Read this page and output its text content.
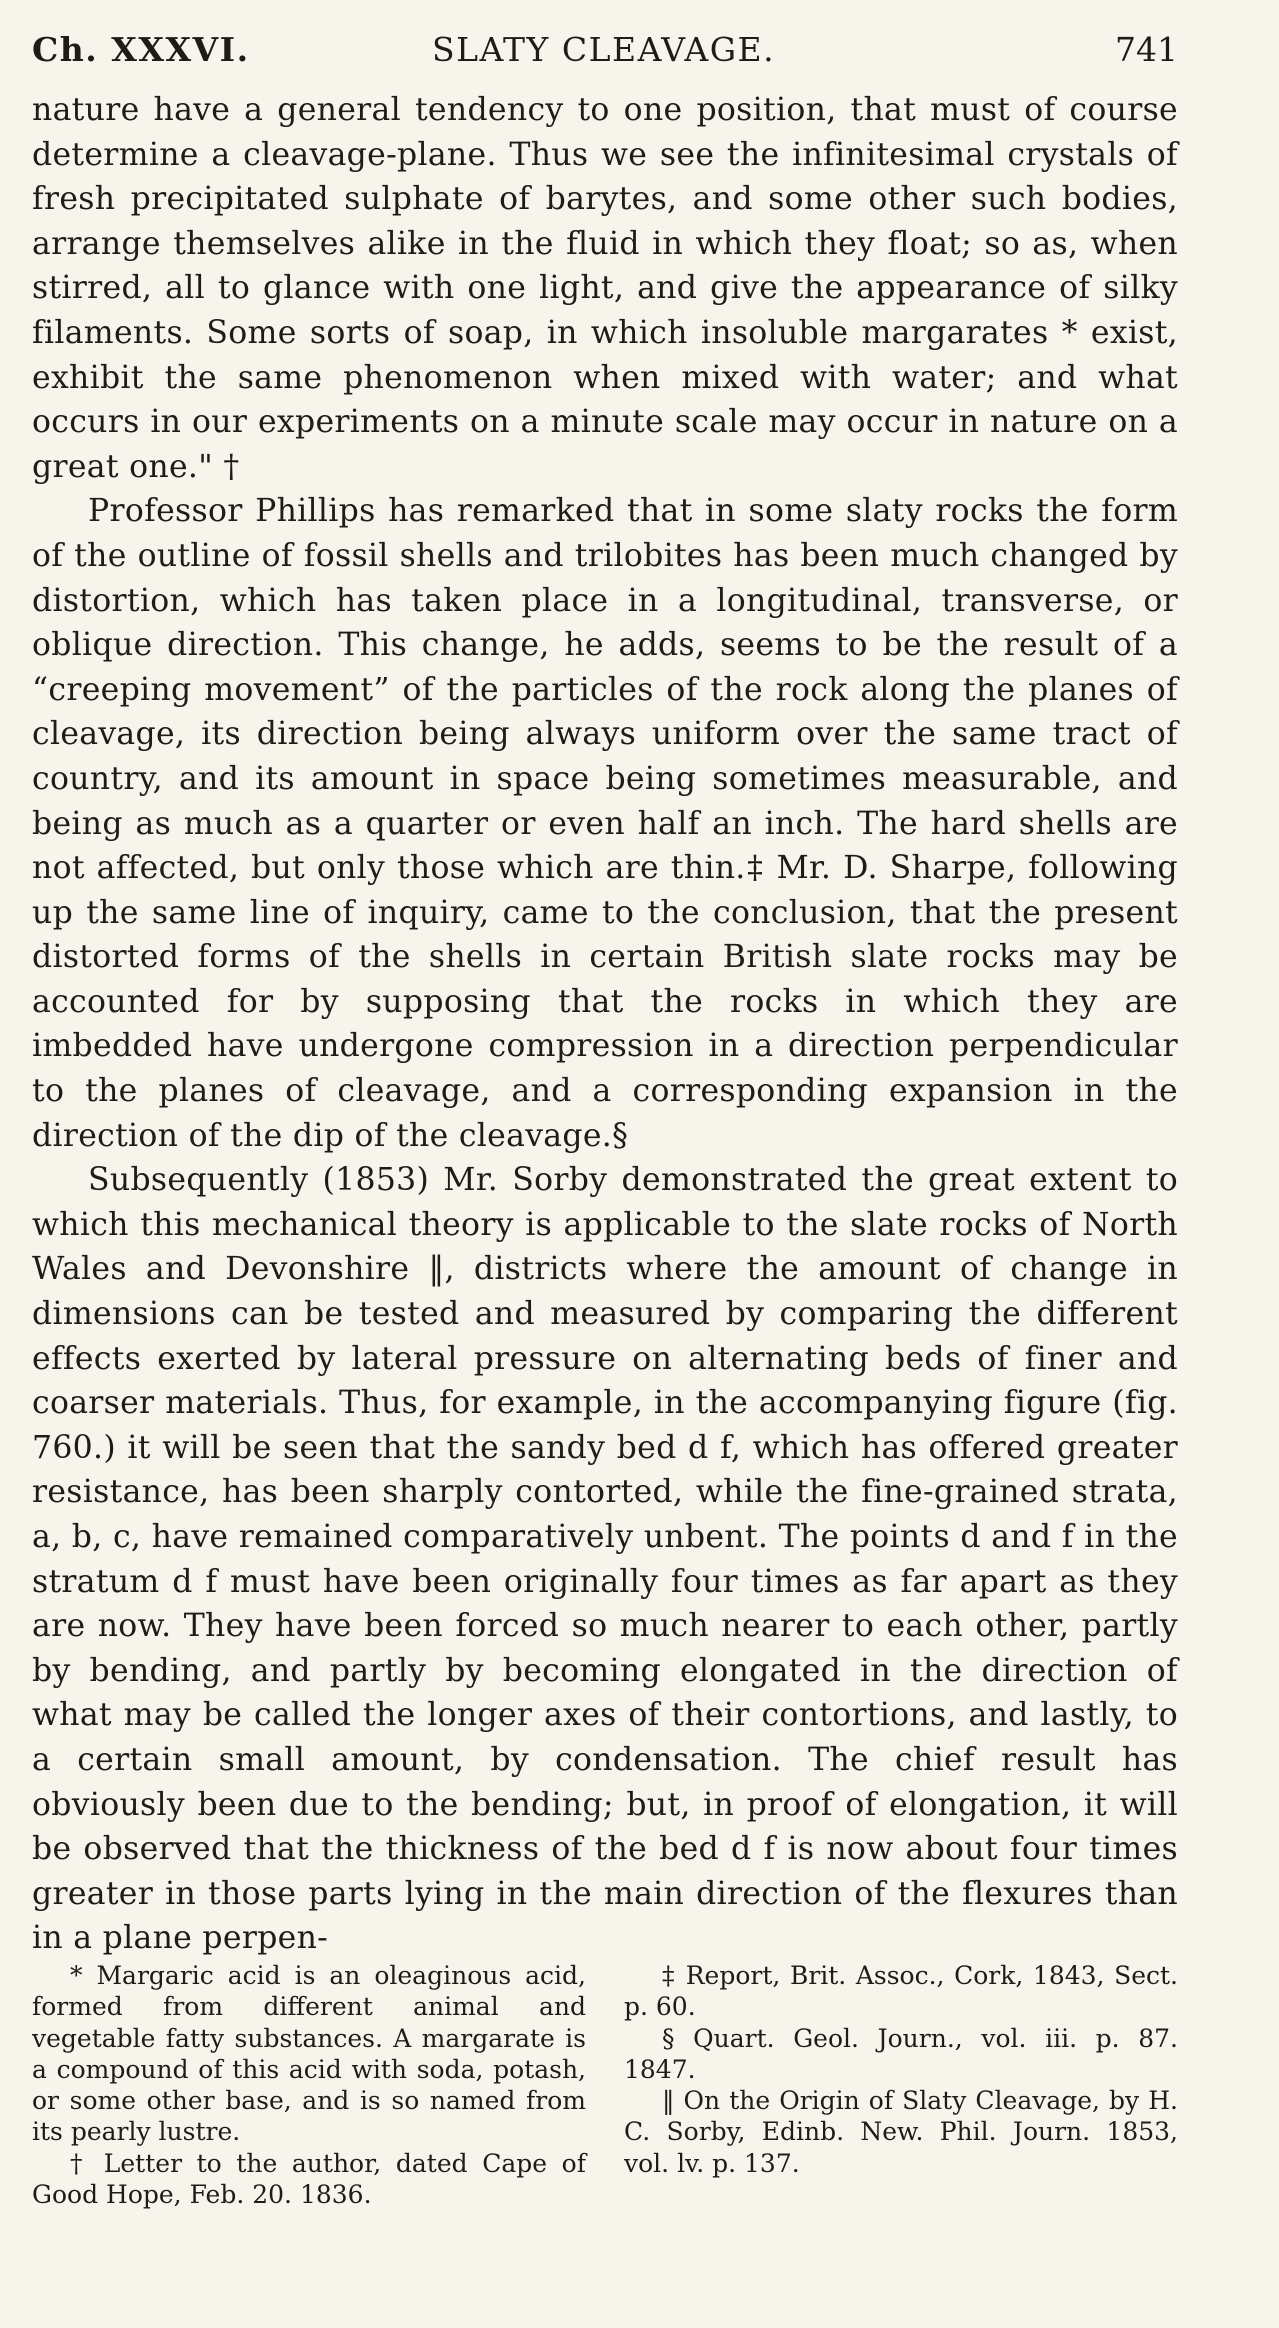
Ch. XXXVI.	SLATY CLEAVAGE.	741

nature have a general tendency to one position, that must of course determine a cleavage-plane. Thus we see the infinitesimal crystals of fresh precipitated sulphate of barytes, and some other such bodies, arrange themselves alike in the fluid in which they float; so as, when stirred, all to glance with one light, and give the appearance of silky filaments. Some sorts of soap, in which insoluble margarates * exist, exhibit the same phenomenon when mixed with water; and what occurs in our experiments on a minute scale may occur in nature on a great one." †

Professor Phillips has remarked that in some slaty rocks the form of the outline of fossil shells and trilobites has been much changed by distortion, which has taken place in a longitudinal, transverse, or oblique direction. This change, he adds, seems to be the result of a “creeping movement” of the particles of the rock along the planes of cleavage, its direction being always uniform over the same tract of country, and its amount in space being sometimes measurable, and being as much as a quarter or even half an inch. The hard shells are not affected, but only those which are thin.‡ Mr. D. Sharpe, following up the same line of inquiry, came to the conclusion, that the present distorted forms of the shells in certain British slate rocks may be accounted for by supposing that the rocks in which they are imbedded have undergone compression in a direction perpendicular to the planes of cleavage, and a corresponding expansion in the direction of the dip of the cleavage.§

Subsequently (1853) Mr. Sorby demonstrated the great extent to which this mechanical theory is applicable to the slate rocks of North Wales and Devonshire ‖, districts where the amount of change in dimensions can be tested and measured by comparing the different effects exerted by lateral pressure on alternating beds of finer and coarser materials. Thus, for example, in the accompanying figure (fig. 760.) it will be seen that the sandy bed d f, which has offered greater resistance, has been sharply contorted, while the fine-grained strata, a, b, c, have remained comparatively unbent. The points d and f in the stratum d f must have been originally four times as far apart as they are now. They have been forced so much nearer to each other, partly by bending, and partly by becoming elongated in the direction of what may be called the longer axes of their contortions, and lastly, to a certain small amount, by condensation. The chief result has obviously been due to the bending; but, in proof of elongation, it will be observed that the thickness of the bed d f is now about four times greater in those parts lying in the main direction of the flexures than in a plane perpen-

* Margaric acid is an oleaginous acid, formed from different animal and vegetable fatty substances. A margarate is a compound of this acid with soda, potash, or some other base, and is so named from its pearly lustre.

† Letter to the author, dated Cape of Good Hope, Feb. 20. 1836.

‡ Report, Brit. Assoc., Cork, 1843, Sect. p. 60.

§ Quart. Geol. Journ., vol. iii. p. 87. 1847.

‖ On the Origin of Slaty Cleavage, by H. C. Sorby, Edinb. New. Phil. Journ. 1853, vol. lv. p. 137.
